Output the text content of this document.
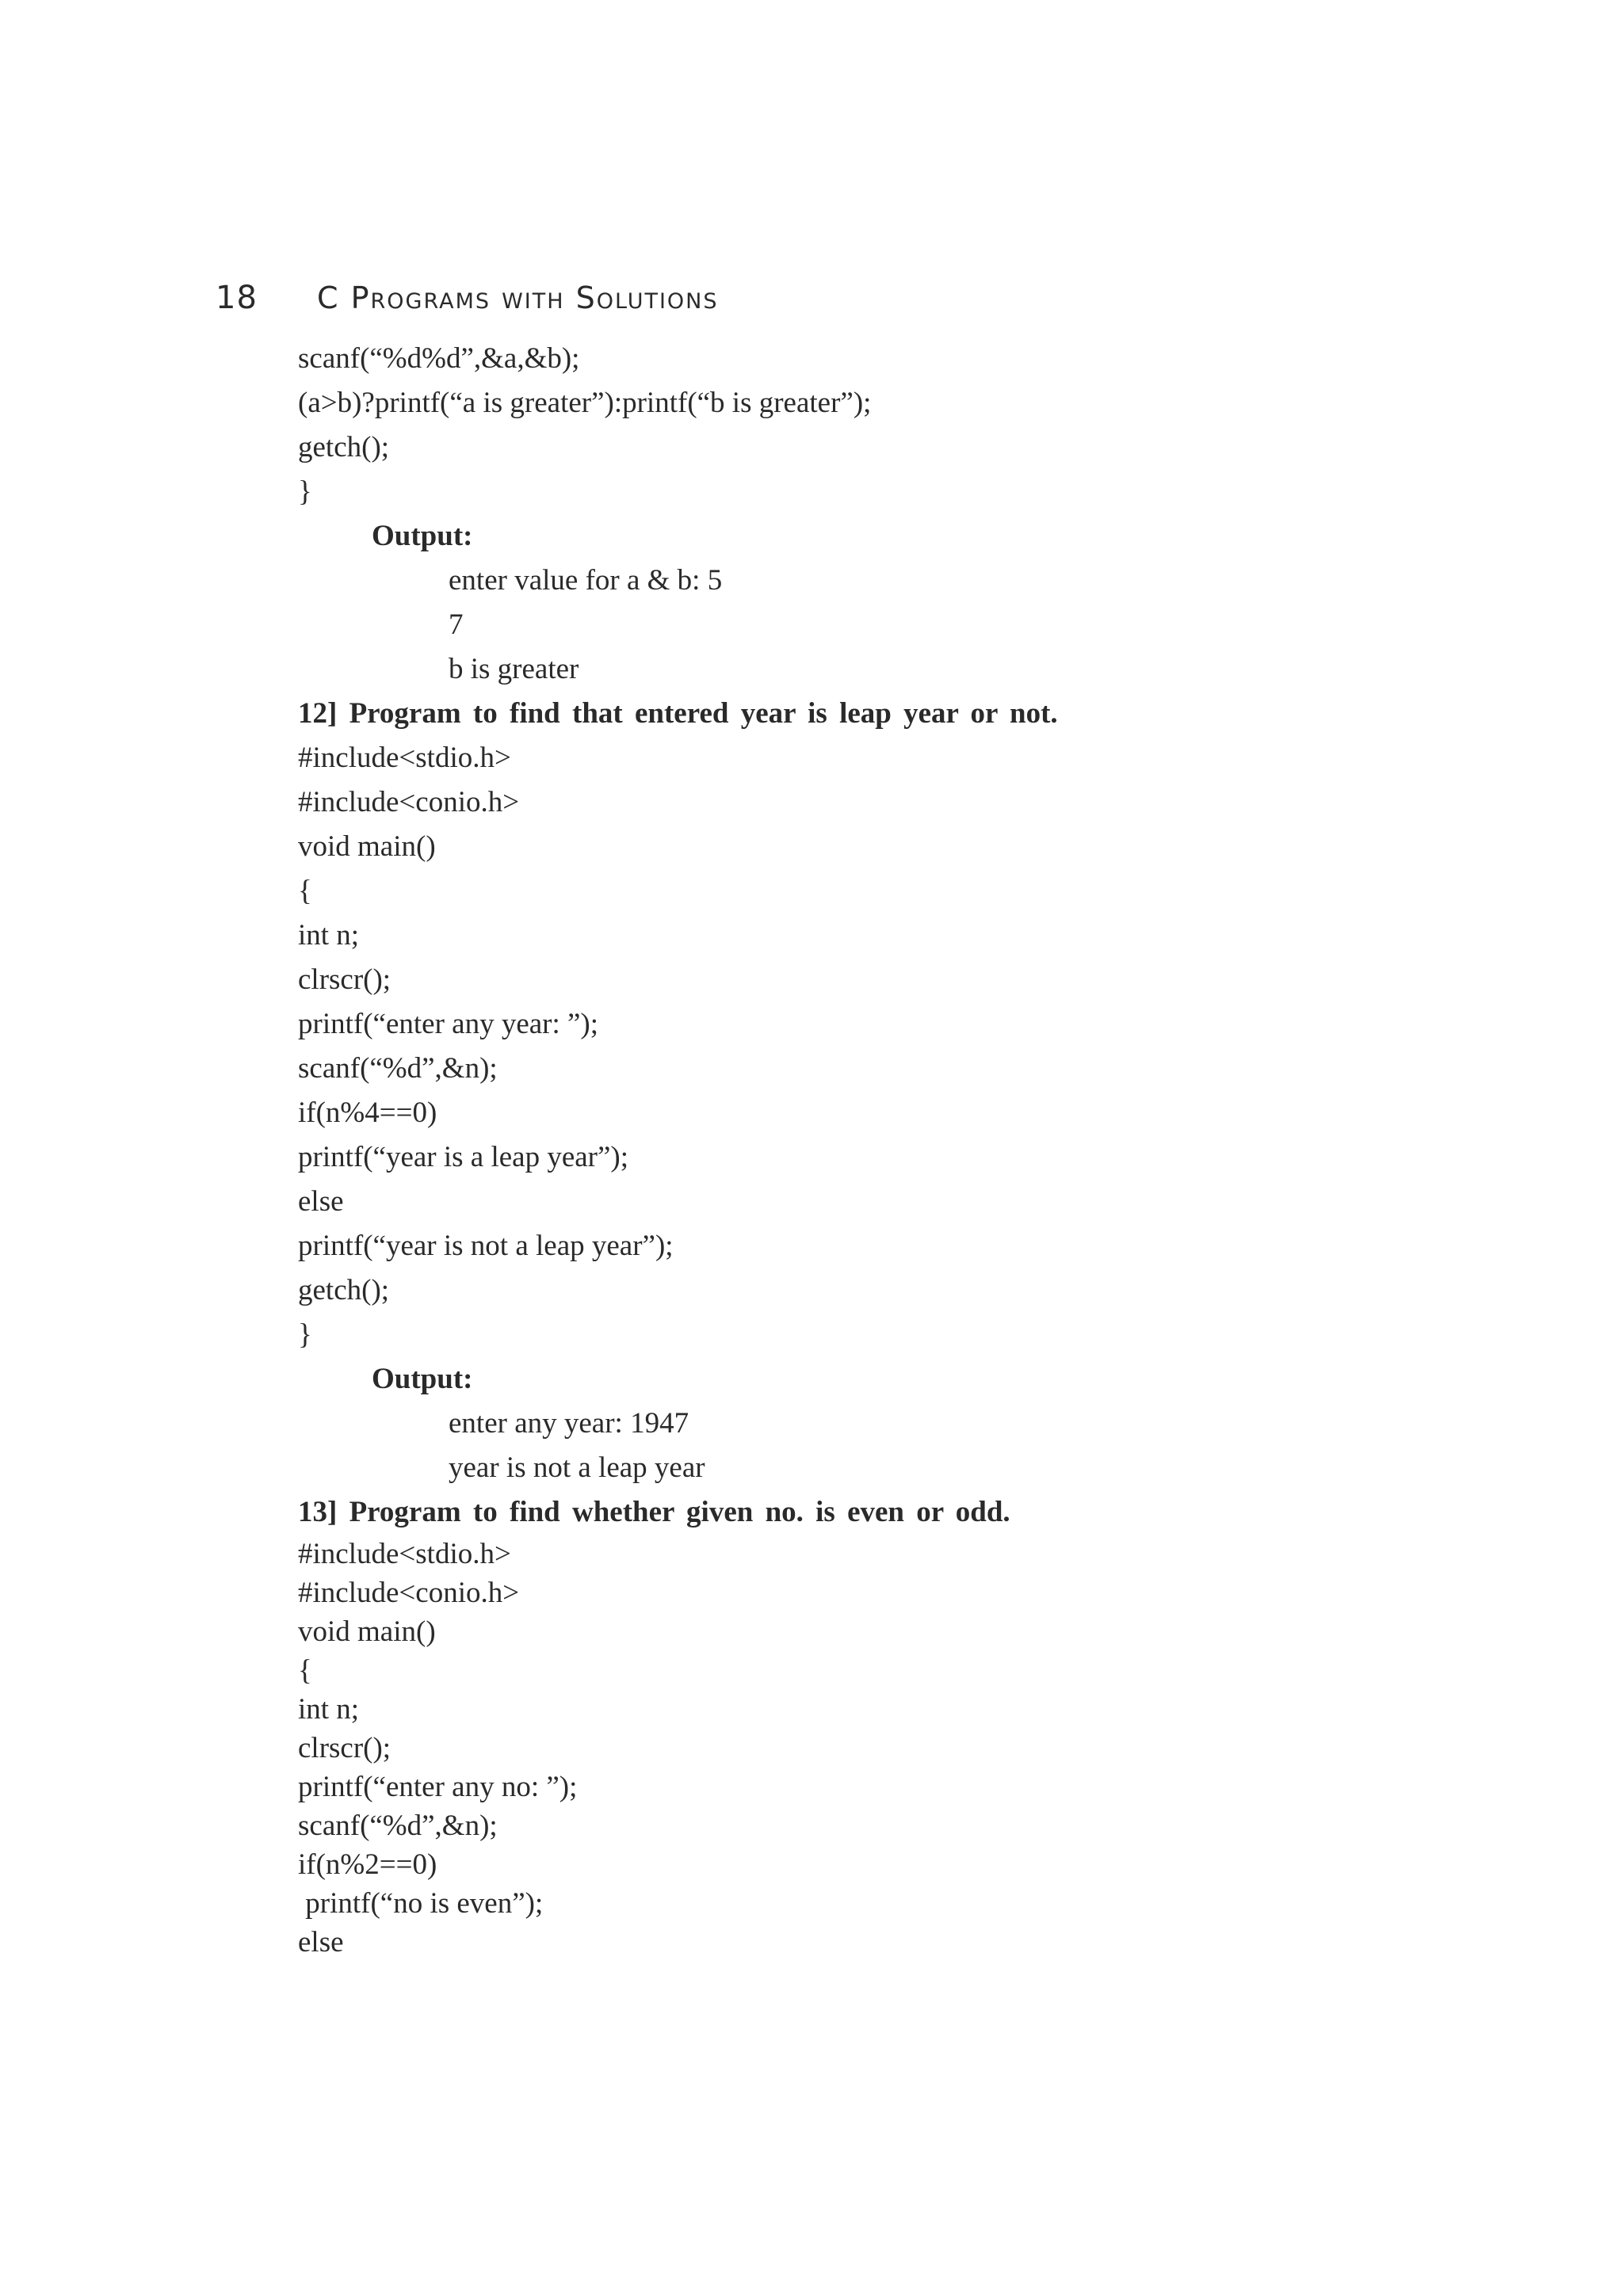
18	C Programs with Solutions
scanf(“%d%d”,&a,&b);
(a>b)?printf(“a is greater”):printf(“b is greater”);
getch();
}
Output:
enter value for a & b: 5
7
b is greater
12] Program to find that entered year is leap year or not.
#include<stdio.h>
#include<conio.h>
void main()
{
int n;
clrscr();
printf(“enter any year: ”);
scanf(“%d”,&n);
if(n%4==0)
printf(“year is a leap year”);
else
printf(“year is not a leap year”);
getch();
}
Output:
enter any year: 1947
year is not a leap year
13] Program to find whether given no. is even or odd.
#include<stdio.h>
#include<conio.h>
void main()
{
int n;
clrscr();
printf(“enter any no: ”);
scanf(“%d”,&n);
if(n%2==0)
printf(“no is even”);
else
